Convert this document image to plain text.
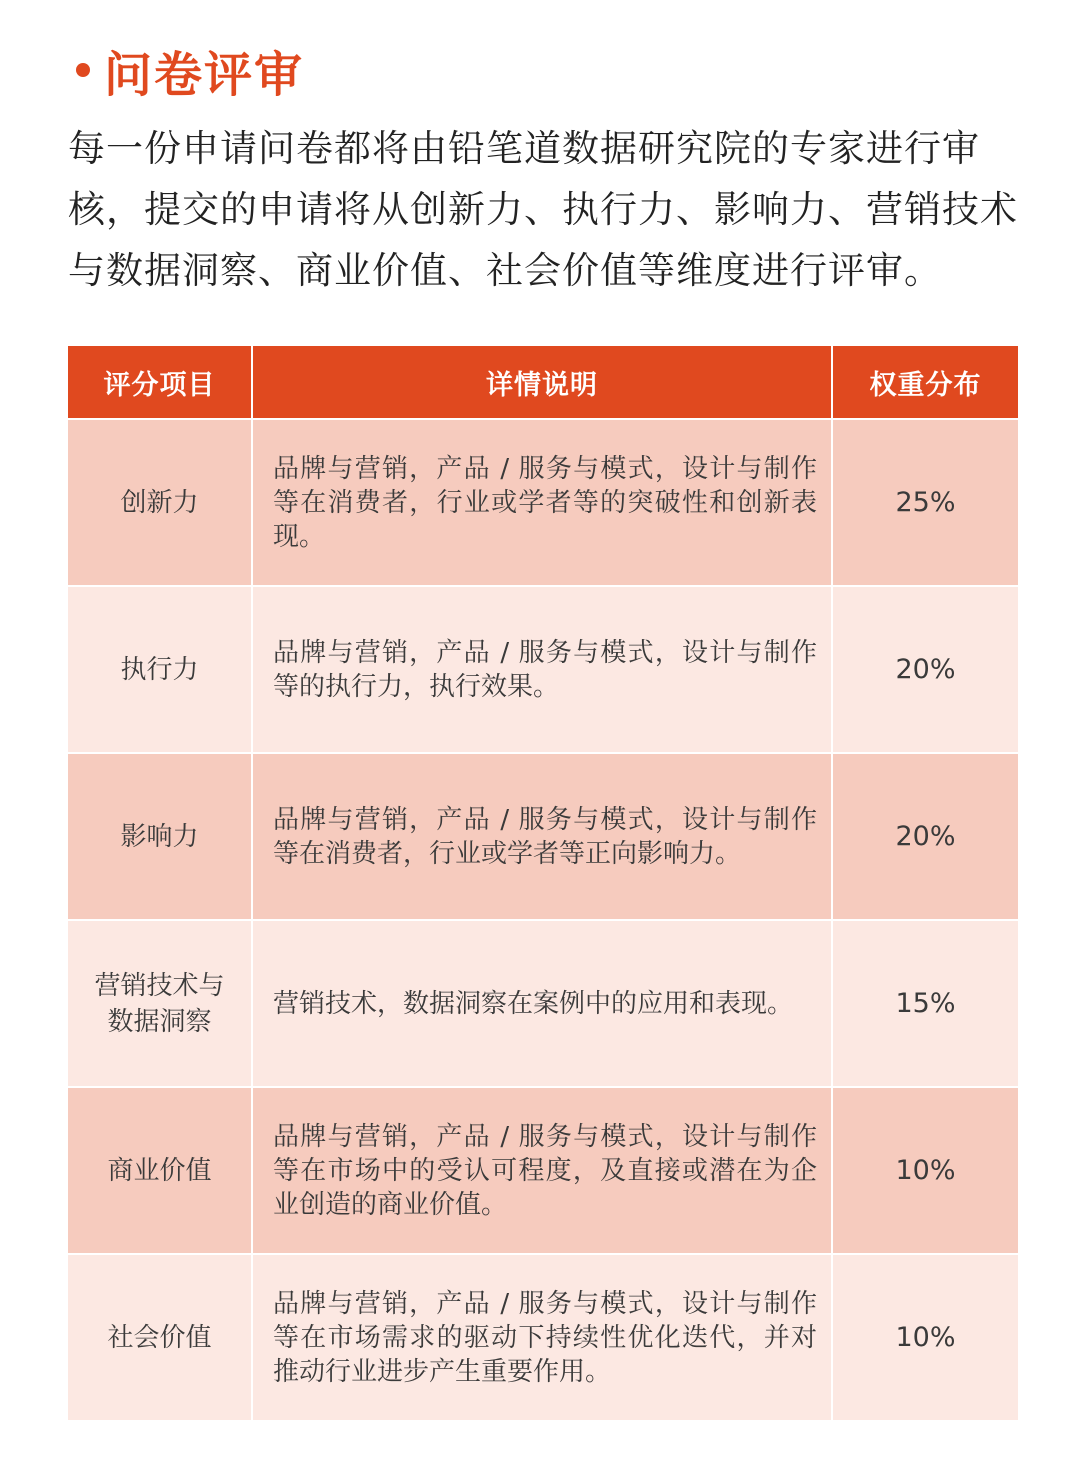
问卷评审

每一份申请问卷都将由铅笔道数据研究院的专家进行审核，提交的申请将从创新力、执行力、影响力、营销技术与数据洞察、商业价值、社会价值等维度进行评审。

评分项目	详情说明	权重分布
创新力	品牌与营销，产品 / 服务与模式，设计与制作等在消费者，行业或学者等的突破性和创新表现。	25%
执行力	品牌与营销，产品 / 服务与模式，设计与制作等的执行力，执行效果。	20%
影响力	品牌与营销，产品 / 服务与模式，设计与制作等在消费者，行业或学者等正向影响力。	20%
营销技术与数据洞察	营销技术，数据洞察在案例中的应用和表现。	15%
商业价值	品牌与营销，产品 / 服务与模式，设计与制作等在市场中的受认可程度，及直接或潜在为企业创造的商业价值。	10%
社会价值	品牌与营销，产品 / 服务与模式，设计与制作等在市场需求的驱动下持续性优化迭代，并对推动行业进步产生重要作用。	10%
